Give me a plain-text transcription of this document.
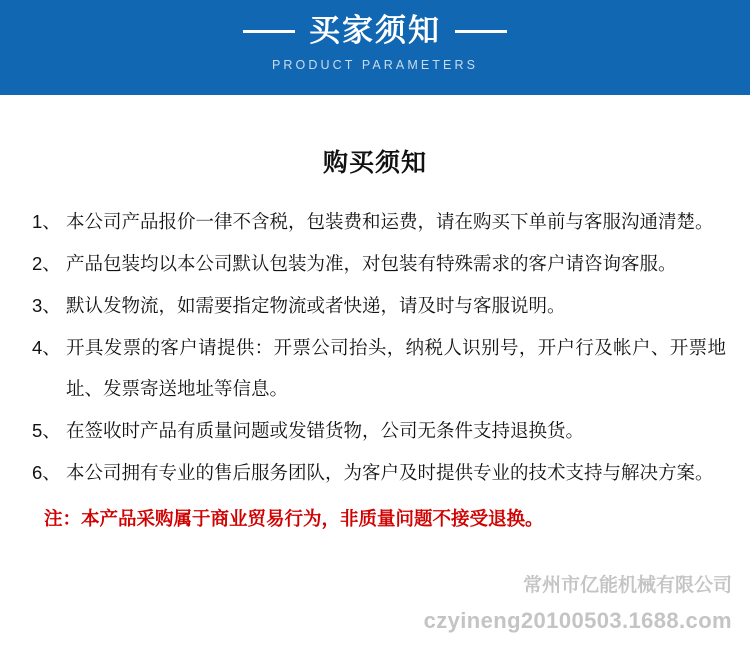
买家须知
PRODUCT PARAMETERS
购买须知
1、 本公司产品报价一律不含税，包装费和运费，请在购买下单前与客服沟通清楚。
2、 产品包装均以本公司默认包装为准，对包装有特殊需求的客户请咨询客服。
3、 默认发物流，如需要指定物流或者快递，请及时与客服说明。
4、 开具发票的客户请提供：开票公司抬头，纳税人识别号，开户行及帐户、开票地址、发票寄送地址等信息。
5、 在签收时产品有质量问题或发错货物，公司无条件支持退换货。
6、 本公司拥有专业的售后服务团队，为客户及时提供专业的技术支持与解决方案。
注：本产品采购属于商业贸易行为，非质量问题不接受退换。
常州市亿能机械有限公司
czyineng20100503.1688.com
